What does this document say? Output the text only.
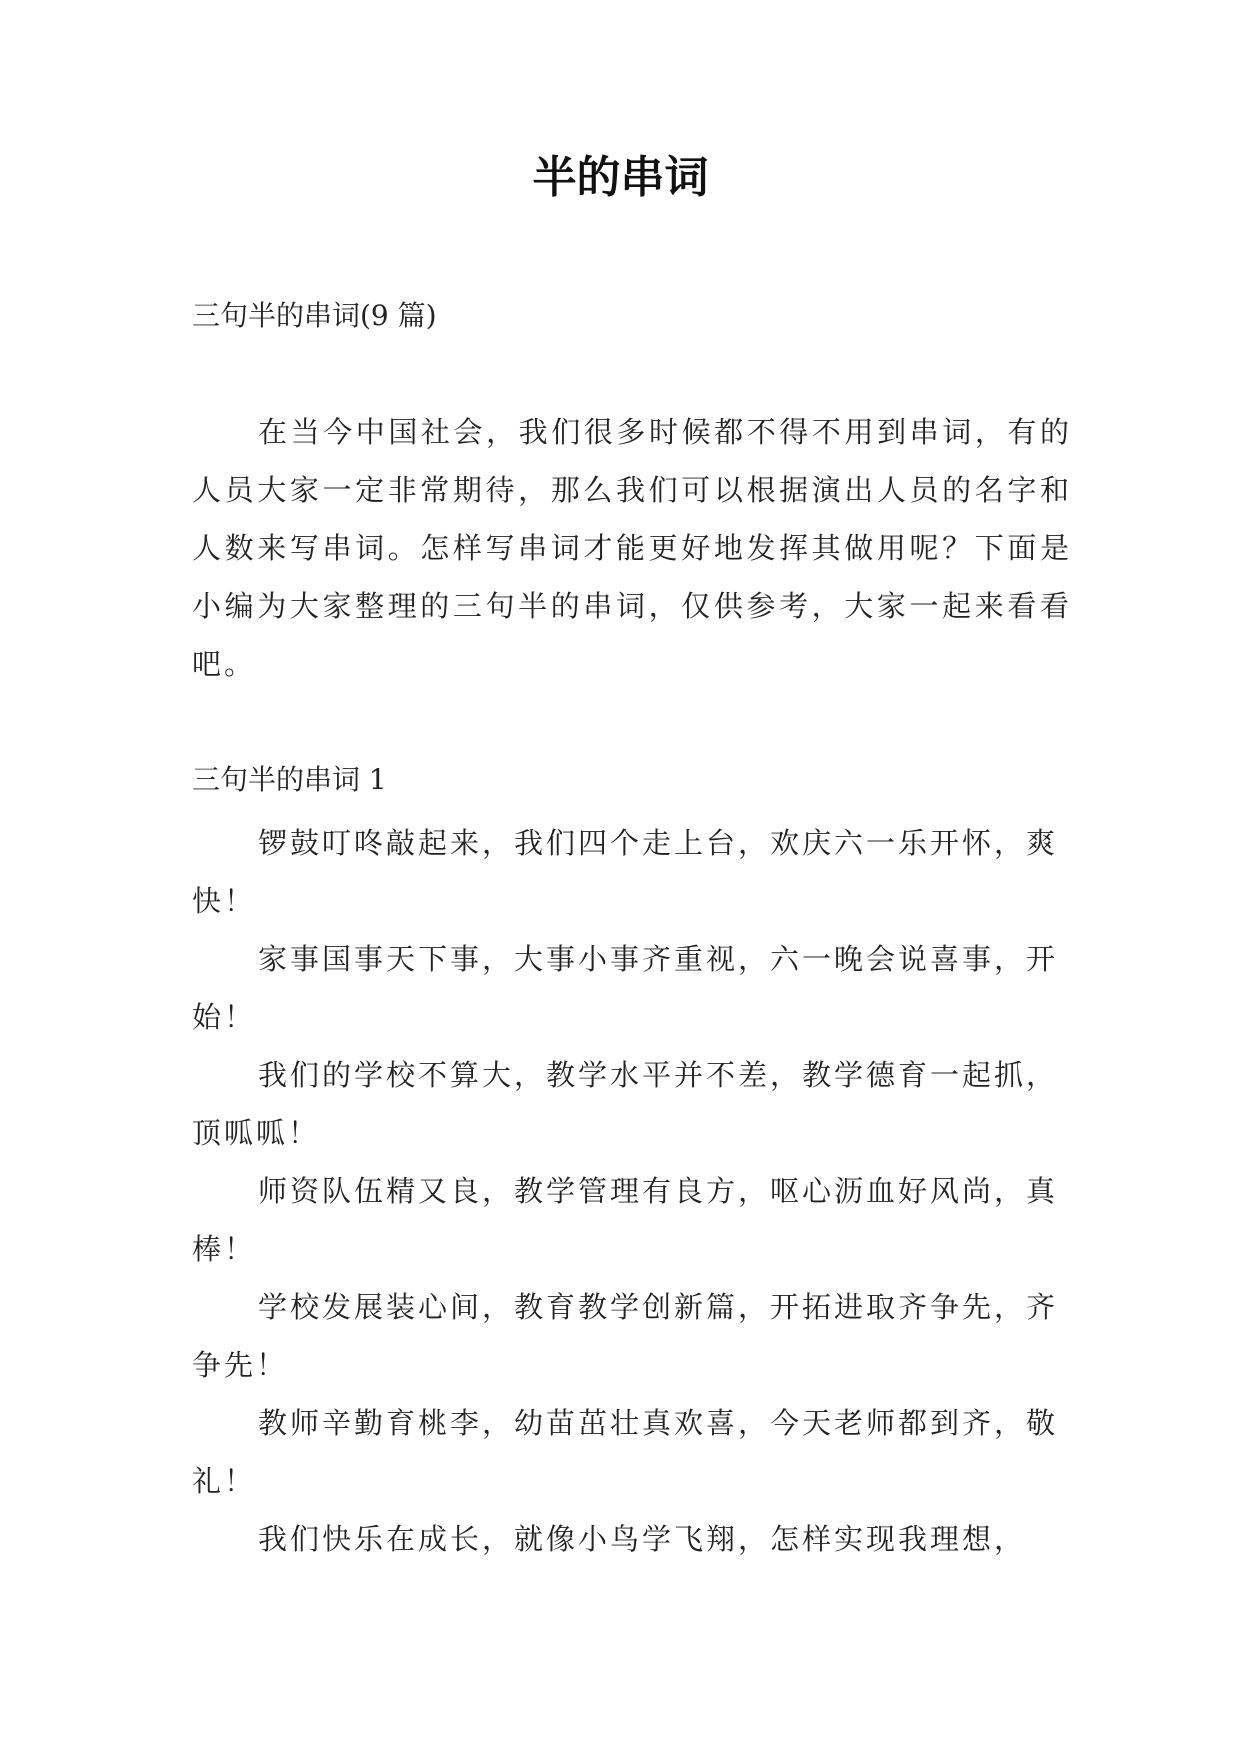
半的串词

三句半的串词(9 篇)

在当今中国社会，我们很多时候都不得不用到串词，有的人员大家一定非常期待，那么我们可以根据演出人员的名字和人数来写串词。怎样写串词才能更好地发挥其做用呢？下面是小编为大家整理的三句半的串词，仅供参考，大家一起来看看吧。

三句半的串词 1

锣鼓叮咚敲起来，我们四个走上台，欢庆六一乐开怀，爽快！

家事国事天下事，大事小事齐重视，六一晚会说喜事，开始！

我们的学校不算大，教学水平并不差，教学德育一起抓，顶呱呱！

师资队伍精又良，教学管理有良方，呕心沥血好风尚，真棒！

学校发展装心间，教育教学创新篇，开拓进取齐争先，齐争先！

教师辛勤育桃李，幼苗茁壮真欢喜，今天老师都到齐，敬礼！

我们快乐在成长，就像小鸟学飞翔，怎样实现我理想，
